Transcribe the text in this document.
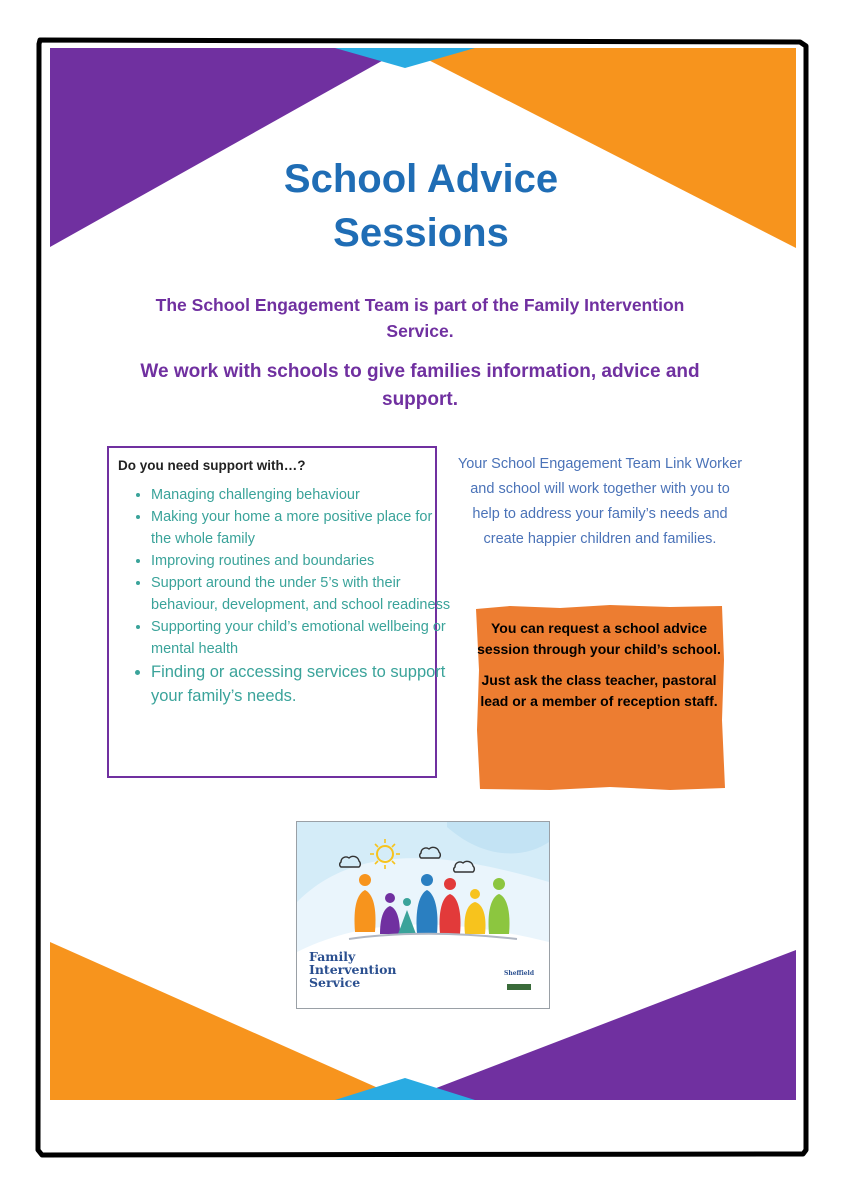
School Advice
Sessions
The School Engagement Team is part of the Family Intervention Service.
We work with schools to give families information, advice and support.
Do you need support with…?
• Managing challenging behaviour
• Making your home a more positive place for the whole family
• Improving routines and boundaries
• Support around the under 5’s with their behaviour, development, and school readiness
• Supporting your child’s emotional wellbeing or mental health
• Finding or accessing services to support your family’s needs.
Your School Engagement Team Link Worker and school will work together with you to help to address your family’s needs and create happier children and families.

You can request a school advice session through your child’s school.

Just ask the class teacher, pastoral lead or a member of reception staff.

Family
Intervention
Service
Sheffield
